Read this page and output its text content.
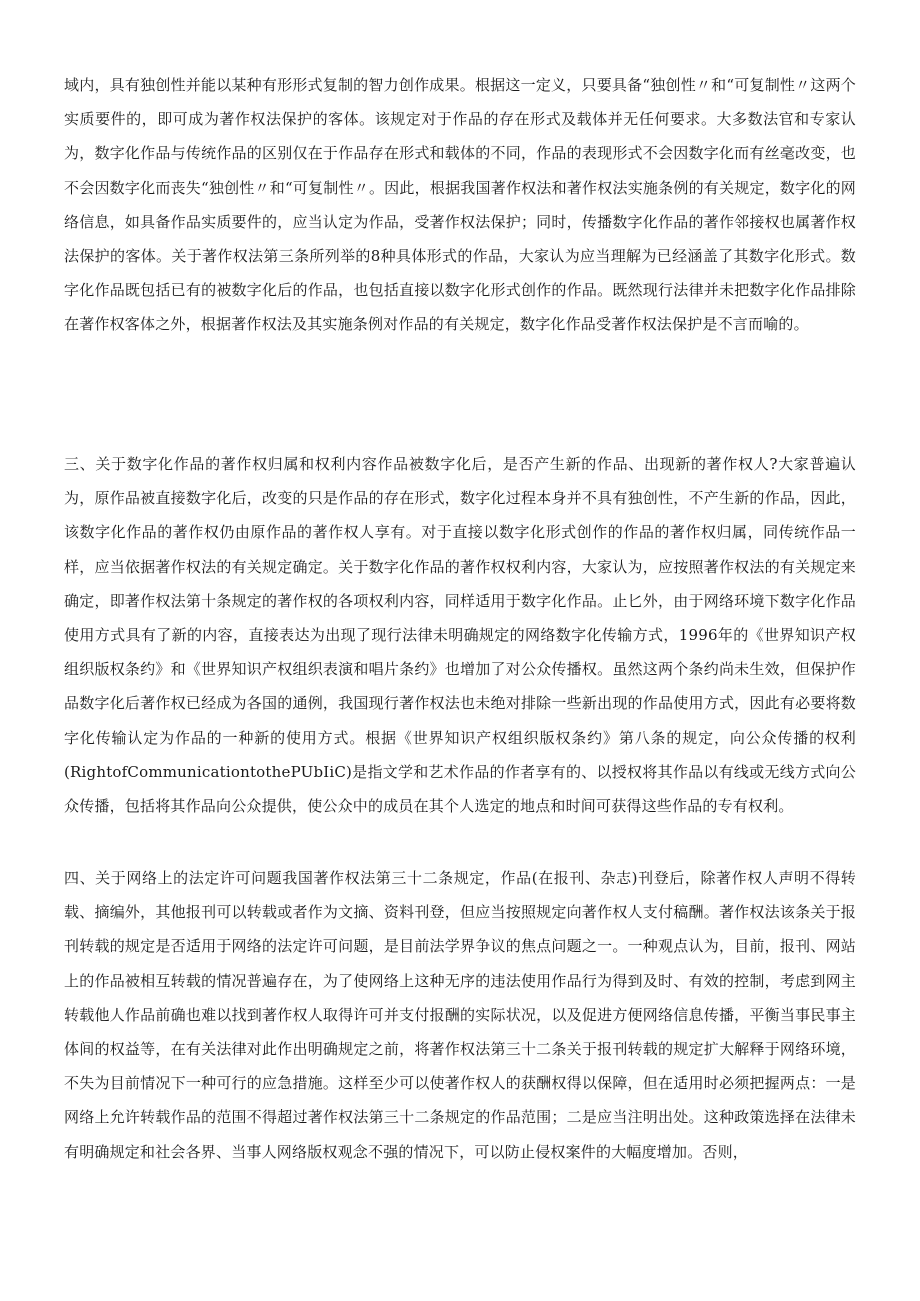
域内，具有独创性并能以某种有形形式复制的智力创作成果。根据这一定义，只要具备“独创性〃和“可复制性〃这两个实质要件的，即可成为著作权法保护的客体。该规定对于作品的存在形式及载体并无任何要求。大多数法官和专家认为，数字化作品与传统作品的区别仅在于作品存在形式和载体的不同，作品的表现形式不会因数字化而有丝毫改变，也不会因数字化而丧失“独创性〃和“可复制性〃。因此，根据我国著作权法和著作权法实施条例的有关规定，数字化的网络信息，如具备作品实质要件的，应当认定为作品，受著作权法保护；同时，传播数字化作品的著作邻接权也属著作权法保护的客体。关于著作权法第三条所列举的8种具体形式的作品，大家认为应当理解为已经涵盖了其数字化形式。数字化作品既包括已有的被数字化后的作品，也包括直接以数字化形式创作的作品。既然现行法律并未把数字化作品排除在著作权客体之外，根据著作权法及其实施条例对作品的有关规定，数字化作品受著作权法保护是不言而喻的。

三、关于数字化作品的著作权归属和权利内容作品被数字化后，是否产生新的作品、出现新的著作权人?大家普遍认为，原作品被直接数字化后，改变的只是作品的存在形式，数字化过程本身并不具有独创性，不产生新的作品，因此，该数字化作品的著作权仍由原作品的著作权人享有。对于直接以数字化形式创作的作品的著作权归属，同传统作品一样，应当依据著作权法的有关规定确定。关于数字化作品的著作权权利内容，大家认为，应按照著作权法的有关规定来确定，即著作权法第十条规定的著作权的各项权利内容，同样适用于数字化作品。止匕外，由于网络环境下数字化作品使用方式具有了新的内容，直接表达为出现了现行法律未明确规定的网络数字化传输方式，1996年的《世界知识产权组织版权条约》和《世界知识产权组织表演和唱片条约》也增加了对公众传播权。虽然这两个条约尚未生效，但保护作品数字化后著作权已经成为各国的通例，我国现行著作权法也未绝对排除一些新出现的作品使用方式，因此有必要将数字化传输认定为作品的一种新的使用方式。根据《世界知识产权组织版权条约》第八条的规定，向公众传播的权利(RightofCommunicationtothePUbIiC)是指文学和艺术作品的作者享有的、以授权将其作品以有线或无线方式向公众传播，包括将其作品向公众提供，使公众中的成员在其个人选定的地点和时间可获得这些作品的专有权利。

四、关于网络上的法定许可问题我国著作权法第三十二条规定，作品(在报刊、杂志)刊登后，除著作权人声明不得转载、摘编外，其他报刊可以转载或者作为文摘、资料刊登，但应当按照规定向著作权人支付稿酬。著作权法该条关于报刊转载的规定是否适用于网络的法定许可问题，是目前法学界争议的焦点问题之一。一种观点认为，目前，报刊、网站上的作品被相互转载的情况普遍存在，为了使网络上这种无序的违法使用作品行为得到及时、有效的控制，考虑到网主转载他人作品前确也难以找到著作权人取得许可并支付报酬的实际状况，以及促进方便网络信息传播，平衡当事民事主体间的权益等，在有关法律对此作出明确规定之前，将著作权法第三十二条关于报刊转载的规定扩大解释于网络环境，不失为目前情况下一种可行的应急措施。这样至少可以使著作权人的获酬权得以保障，但在适用时必须把握两点：一是网络上允许转载作品的范围不得超过著作权法第三十二条规定的作品范围；二是应当注明出处。这种政策选择在法律未有明确规定和社会各界、当事人网络版权观念不强的情况下，可以防止侵权案件的大幅度增加。否则，
